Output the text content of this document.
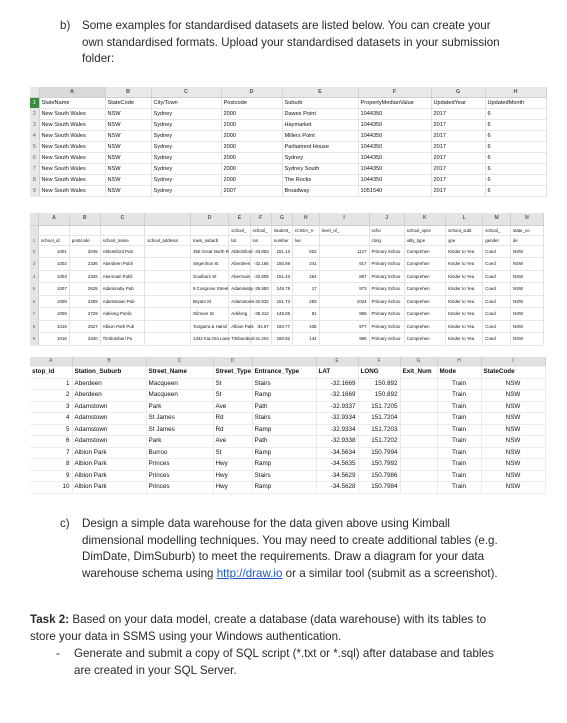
b) Some examples for standardised datasets are listed below. You can create your
own standardised formats. Upload your standardised datasets in your submission
folder:
	A	B	C	D	E	F	G	H
1	StateName	StateCode	City/Town	Postcode	Suburb	PropertyMedianValue	UpdatedYear	UpdatedMonth
2	New South Wales	NSW	Sydney	2000	Dawes Point	1044350	2017	6
3	New South Wales	NSW	Sydney	2000	Haymarket	1044350	2017	6
4	New South Wales	NSW	Sydney	2000	Millers Point	1044350	2017	6
5	New South Wales	NSW	Sydney	2000	Parliament House	1044350	2017	6
6	New South Wales	NSW	Sydney	2000	Sydney	1044350	2017	6
7	New South Wales	NSW	Sydney	2000	Sydney South	1044350	2017	6
8	New South Wales	NSW	Sydney	2000	The Rocks	1044350	2017	6
9	New South Wales	NSW	Sydney	2007	Broadway	1051540	2017	6
	A	B	C		D	E	F	G	H	I	J	K	L	M	N
						school_	school_	student_	ICSEA_V	level_of_	scho	school_spec	school_subt	school_	state_co
1	school_id	postcode	school_name	school_address	town_suburb	lat	lon	number	lue		cting	ialty_type	ype	gender	de
2	1001	2046	Abbotsford Pub		350 Great North R	Abbotsford	-33.853	151.13	602	1127	Primary Schoo	Comprehen	Kinder to Yea	Coed	NSW
3	1002	2336	Aberdeen Publi		Segenhoe St	Aberdeen	-32.166	150.89	241	917	Primary Schoo	Comprehen	Kinder to Yea	Coed	NSW
4	1003	2326	Abermain Publi		Goulburn St	Abermain	-32.809	151.43	264	887	Primary Schoo	Comprehen	Kinder to Yea	Coed	NSW
5	1007	2625	Adaminaby Pub		9 Cosgrove Street	Adaminaby	-35.993	148.78	17	973	Primary Schoo	Comprehen	Kinder to Yea	Coed	NSW
6	1008	2289	Adamstown Pub		Bryant St	Adamstown	-32.932	151.73	283	1024	Primary Schoo	Comprehen	Kinder to Yea	Coed	NSW
7	1009	2729	Adelong Public		Gilmore St	Adelong	-35.312	148.06	81	986	Primary Schoo	Comprehen	Kinder to Yea	Coed	NSW
8	1015	2527	Albion Park Pub		Tongarra & Hamil	Albion Park	-34.57	150.77	435	977	Primary Schoo	Comprehen	Kinder to Yea	Coed	NSW
9	1016	2340	Timbumburi Pu		1342 Kia Ora Lane	Timbumburi	-31.204	150.92	144	995	Primary Schoo	Comprehen	Kinder to Yea	Coed	NSW
A	B	C	D		E	F	G	H	I
stop_id	Station_Suburb	Street_Name	Street_Type	Entrance_Type	LAT	LONG	Exit_Num	Mode	StateCode
1	Aberdeen	Macqueen	St	Stairs	-32.1669	150.892		Train	NSW
2	Aberdeen	Macqueen	St	Ramp	-32.1669	150.892		Train	NSW
3	Adamstown	Park	Ave	Path	-32.9337	151.7205		Train	NSW
4	Adamstown	St James	Rd	Stairs	-32.9334	151.7204		Train	NSW
5	Adamstown	St James	Rd	Ramp	-32.9334	151.7203		Train	NSW
6	Adamstown	Park	Ave	Path	-32.9338	151.7202		Train	NSW
7	Albion Park	Burroo	St	Ramp	-34.5634	150.7994		Train	NSW
8	Albion Park	Princes	Hwy	Ramp	-34.5635	150.7992		Train	NSW
9	Albion Park	Princes	Hwy	Stairs	-34.5629	150.7986		Train	NSW
10	Albion Park	Princes	Hwy	Ramp	-34.5628	150.7984		Train	NSW
c) Design a simple data warehouse for the data given above using Kimball
dimensional modelling techniques. You may need to create additional tables (e.g.
DimDate, DimSuburb) to meet the requirements. Draw a diagram for your data
warehouse schema using http://draw.io or a similar tool (submit as a screenshot).
Task 2: Based on your data model, create a database (data warehouse) with its tables to
store your data in SSMS using your Windows authentication.
- Generate and submit a copy of SQL script (*.txt or *.sql) after database and tables
are created in your SQL Server.
